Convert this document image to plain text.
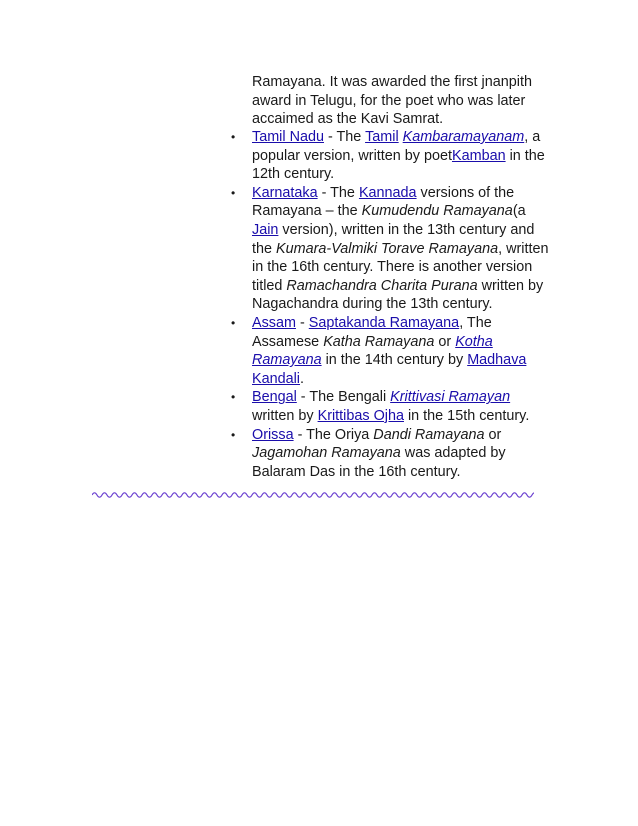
Ramayana. It was awarded the first jnanpith award in Telugu, for the poet who was later accaimed as the Kavi Samrat.

• Tamil Nadu - The Tamil Kambaramayanam, a popular version, written by poetKamban in the 12th century.
• Karnataka - The Kannada versions of the Ramayana – the Kumudendu Ramayana(a Jain version), written in the 13th century and the Kumara-Valmiki Torave Ramayana, written in the 16th century. There is another version titled Ramachandra Charita Purana written by Nagachandra during the 13th century.
• Assam - Saptakanda Ramayana, The Assamese Katha Ramayana or Kotha Ramayana in the 14th century by Madhava Kandali.
• Bengal - The Bengali Krittivasi Ramayan written by Krittibas Ojha in the 15th century.
• Orissa - The Oriya Dandi Ramayana or Jagamohan Ramayana was adapted by Balaram Das in the 16th century.
